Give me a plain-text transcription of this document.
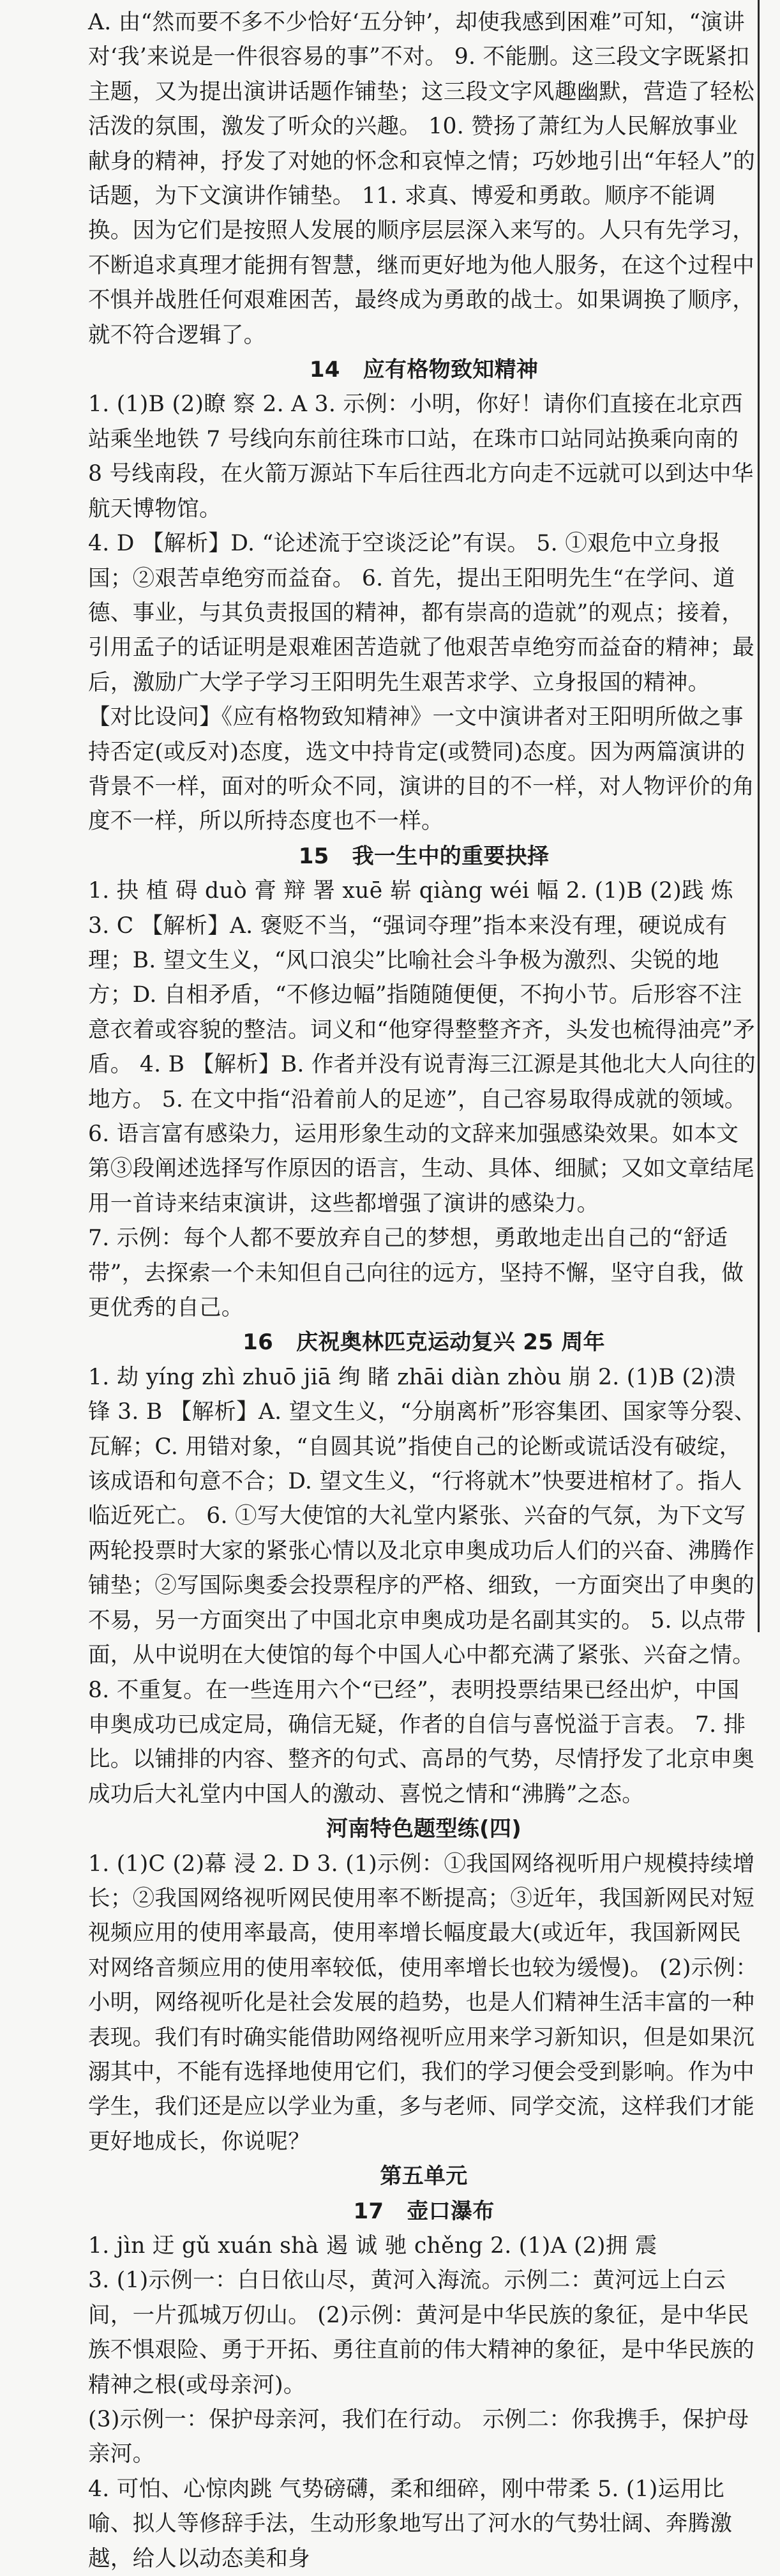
A. 由“然而要不多不少恰好‘五分钟’，却使我感到困难”可知，“演讲对‘我’来说是一件很容易的事”不对。 9. 不能删。这三段文字既紧扣主题，又为提出演讲话题作铺垫；这三段文字风趣幽默，营造了轻松活泼的氛围，激发了听众的兴趣。 10. 赞扬了萧红为人民解放事业献身的精神，抒发了对她的怀念和哀悼之情；巧妙地引出“年轻人”的话题，为下文演讲作铺垫。 11. 求真、博爱和勇敢。顺序不能调换。因为它们是按照人发展的顺序层层深入来写的。人只有先学习，不断追求真理才能拥有智慧，继而更好地为他人服务，在这个过程中不惧并战胜任何艰难困苦，最终成为勇敢的战士。如果调换了顺序，就不符合逻辑了。

14 应有格物致知精神

1. (1)B (2)瞭 察 2. A 3. 示例：小明，你好！请你们直接在北京西站乘坐地铁 7 号线向东前往珠市口站，在珠市口站同站换乘向南的 8 号线南段，在火箭万源站下车后往西北方向走不远就可以到达中华航天博物馆。

4. D 【解析】D. “论述流于空谈泛论”有误。 5. ①艰危中立身报国；②艰苦卓绝穷而益奋。 6. 首先，提出王阳明先生“在学问、道德、事业，与其负责报国的精神，都有崇高的造就”的观点；接着，引用孟子的话证明是艰难困苦造就了他艰苦卓绝穷而益奋的精神；最后，激励广大学子学习王阳明先生艰苦求学、立身报国的精神。 【对比设问】《应有格物致知精神》一文中演讲者对王阳明所做之事持否定(或反对)态度，选文中持肯定(或赞同)态度。因为两篇演讲的背景不一样，面对的听众不同，演讲的目的不一样，对人物评价的角度不一样，所以所持态度也不一样。

15 我一生中的重要抉择

1. 抉 植 碍 duò 膏 辩 署 xuē 崭 qiàng wéi 幅 2. (1)B (2)践 炼 3. C 【解析】A. 褒贬不当，“强词夺理”指本来没有理，硬说成有理；B. 望文生义，“风口浪尖”比喻社会斗争极为激烈、尖锐的地方；D. 自相矛盾，“不修边幅”指随随便便，不拘小节。后形容不注意衣着或容貌的整洁。词义和“他穿得整整齐齐，头发也梳得油亮”矛盾。 4. B 【解析】B. 作者并没有说青海三江源是其他北大人向往的地方。 5. 在文中指“沿着前人的足迹”，自己容易取得成就的领域。 6. 语言富有感染力，运用形象生动的文辞来加强感染效果。如本文第③段阐述选择写作原因的语言，生动、具体、细腻；又如文章结尾用一首诗来结束演讲，这些都增强了演讲的感染力。

7. 示例：每个人都不要放弃自己的梦想，勇敢地走出自己的“舒适带”，去探索一个未知但自己向往的远方，坚持不懈，坚守自我，做更优秀的自己。

16 庆祝奥林匹克运动复兴 25 周年

1. 劫 yíng zhì zhuō jiā 绚 睹 zhāi diàn zhòu 崩 2. (1)B (2)溃 锋 3. B 【解析】A. 望文生义，“分崩离析”形容集团、国家等分裂、瓦解；C. 用错对象，“自圆其说”指使自己的论断或谎话没有破绽，该成语和句意不合；D. 望文生义，“行将就木”快要进棺材了。指人临近死亡。 6. ①写大使馆的大礼堂内紧张、兴奋的气氛，为下文写两轮投票时大家的紧张心情以及北京申奥成功后人们的兴奋、沸腾作铺垫；②写国际奥委会投票程序的严格、细致，一方面突出了申奥的不易，另一方面突出了中国北京申奥成功是名副其实的。 5. 以点带面，从中说明在大使馆的每个中国人心中都充满了紧张、兴奋之情。 8. 不重复。在一些连用六个“已经”，表明投票结果已经出炉，中国申奥成功已成定局，确信无疑，作者的自信与喜悦溢于言表。 7. 排比。以铺排的内容、整齐的句式、高昂的气势，尽情抒发了北京申奥成功后大礼堂内中国人的激动、喜悦之情和“沸腾”之态。

河南特色题型练(四)

1. (1)C (2)幕 浸 2. D 3. (1)示例：①我国网络视听用户规模持续增长；②我国网络视听网民使用率不断提高；③近年，我国新网民对短视频应用的使用率最高，使用率增长幅度最大(或近年，我国新网民对网络音频应用的使用率较低，使用率增长也较为缓慢)。 (2)示例：小明，网络视听化是社会发展的趋势，也是人们精神生活丰富的一种表现。我们有时确实能借助网络视听应用来学习新知识，但是如果沉溺其中，不能有选择地使用它们，我们的学习便会受到影响。作为中学生，我们还是应以学业为重，多与老师、同学交流，这样我们才能更好地成长，你说呢？

第五单元
17 壶口瀑布

1. jìn 迂 gǔ xuán shà 遏 诚 驰 chěng 2. (1)A (2)拥 震

3. (1)示例一：白日依山尽，黄河入海流。示例二：黄河远上白云间，一片孤城万仞山。 (2)示例：黄河是中华民族的象征，是中华民族不惧艰险、勇于开拓、勇往直前的伟大精神的象征，是中华民族的精神之根(或母亲河)。

(3)示例一：保护母亲河，我们在行动。 示例二：你我携手，保护母亲河。

4. 可怕、心惊肉跳 气势磅礴，柔和细碎，刚中带柔 5. (1)运用比喻、拟人等修辞手法，生动形象地写出了河水的气势壮阔、奔腾激越，给人以动态美和身
